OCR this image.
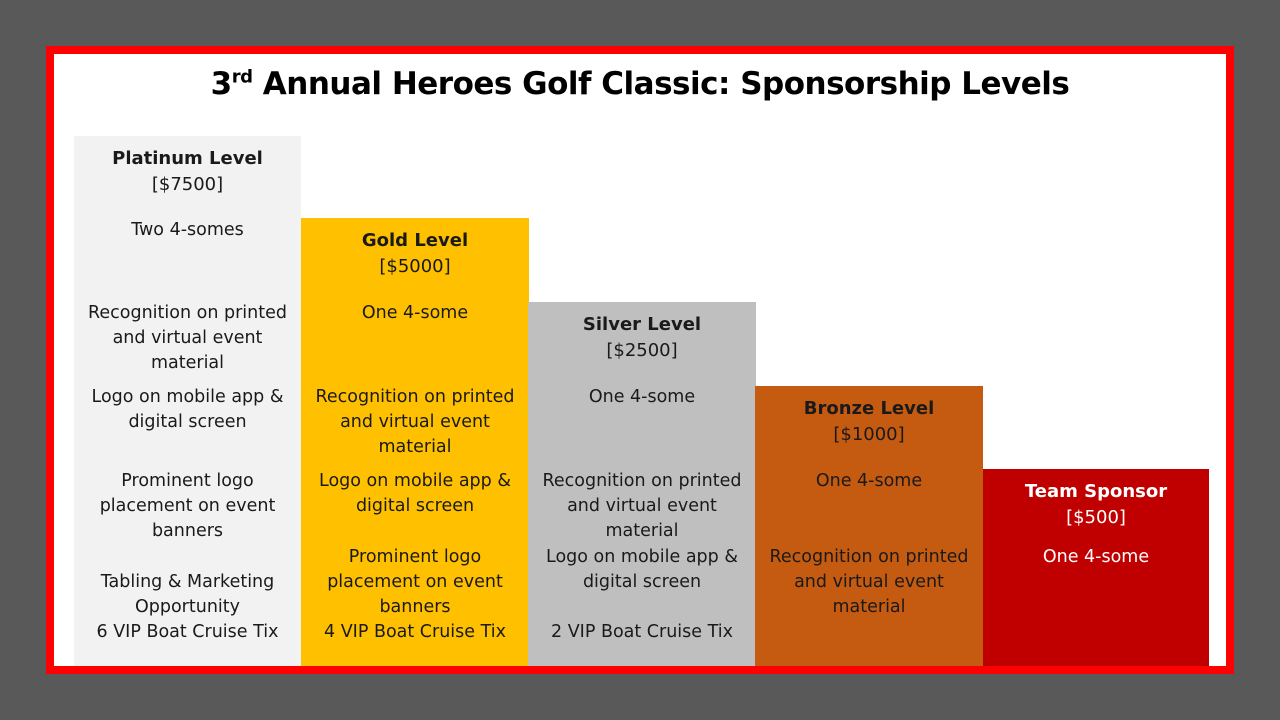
3rd Annual Heroes Golf Classic: Sponsorship Levels
Platinum Level
[$7500]
Two 4-somes
Recognition on printed and virtual event material
Logo on mobile app & digital screen
Prominent logo placement on event banners
Tabling & Marketing Opportunity
6 VIP Boat Cruise Tix
Gold Level
[$5000]
One 4-some
Recognition on printed and virtual event material
Logo on mobile app & digital screen
Prominent logo placement on event banners
4 VIP Boat Cruise Tix
Silver Level
[$2500]
One 4-some
Recognition on printed and virtual event material
Logo on mobile app & digital screen
2 VIP Boat Cruise Tix
Bronze Level
[$1000]
One 4-some
Recognition on printed and virtual event material
Team Sponsor
[$500]
One 4-some
